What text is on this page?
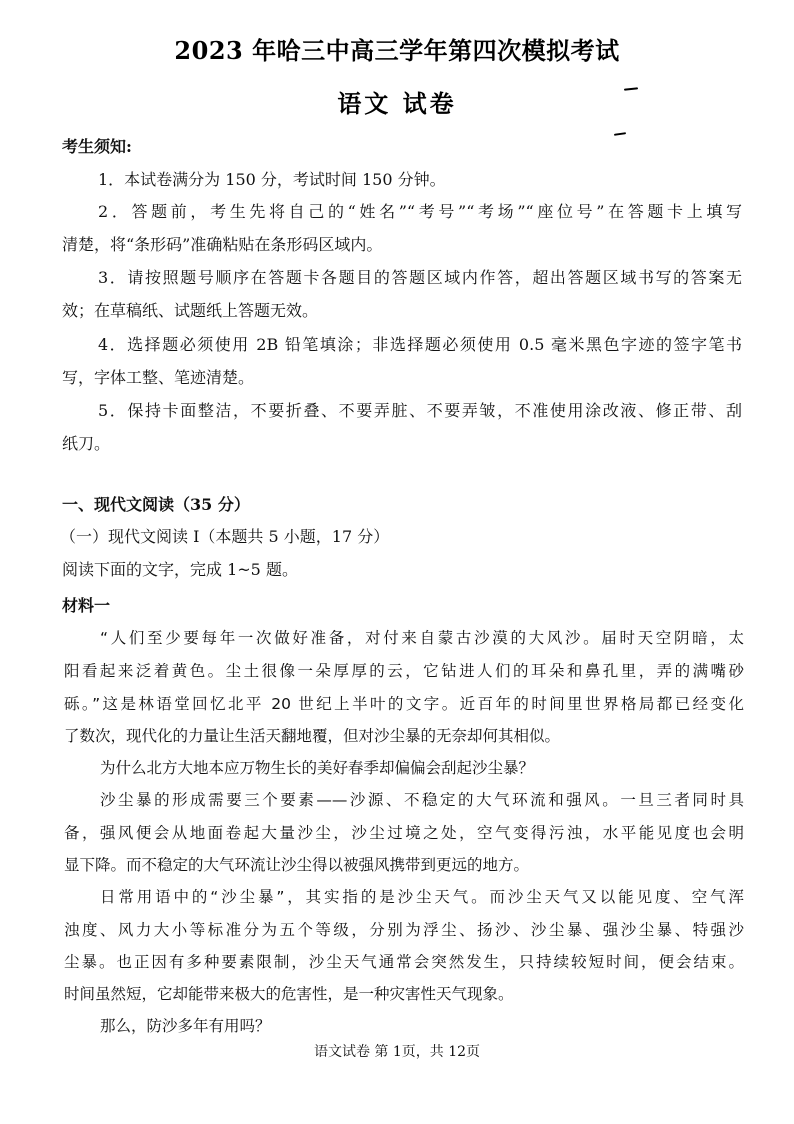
2023 年哈三中高三学年第四次模拟考试
语文 试卷
考生须知:
1．本试卷满分为 150 分，考试时间 150 分钟。
2．答题前，考生先将自己的“姓名”“考号”“考场”“座位号”在答题卡上填写
清楚，将“条形码”准确粘贴在条形码区域内。
3．请按照题号顺序在答题卡各题目的答题区域内作答，超出答题区域书写的答案无
效；在草稿纸、试题纸上答题无效。
4．选择题必须使用 2B 铅笔填涂；非选择题必须使用 0.5 毫米黑色字迹的签字笔书
写，字体工整、笔迹清楚。
5．保持卡面整洁，不要折叠、不要弄脏、不要弄皱，不准使用涂改液、修正带、刮
纸刀。
一、现代文阅读（35 分）
（一）现代文阅读 I（本题共 5 小题，17 分）
阅读下面的文字，完成 1~5 题。
材料一
“人们至少要每年一次做好准备，对付来自蒙古沙漠的大风沙。届时天空阴暗，太
阳看起来泛着黄色。尘土很像一朵厚厚的云，它钻进人们的耳朵和鼻孔里，弄的满嘴砂
砾。”这是林语堂回忆北平 20 世纪上半叶的文字。近百年的时间里世界格局都已经变化
了数次，现代化的力量让生活天翻地覆，但对沙尘暴的无奈却何其相似。
为什么北方大地本应万物生长的美好春季却偏偏会刮起沙尘暴？
沙尘暴的形成需要三个要素——沙源、不稳定的大气环流和强风。一旦三者同时具
备，强风便会从地面卷起大量沙尘，沙尘过境之处，空气变得污浊，水平能见度也会明
显下降。而不稳定的大气环流让沙尘得以被强风携带到更远的地方。
日常用语中的“沙尘暴”，其实指的是沙尘天气。而沙尘天气又以能见度、空气浑
浊度、风力大小等标准分为五个等级，分别为浮尘、扬沙、沙尘暴、强沙尘暴、特强沙
尘暴。也正因有多种要素限制，沙尘天气通常会突然发生，只持续较短时间，便会结束。
时间虽然短，它却能带来极大的危害性，是一种灾害性天气现象。
那么，防沙多年有用吗？
语文试卷 第 1页，共 12页
